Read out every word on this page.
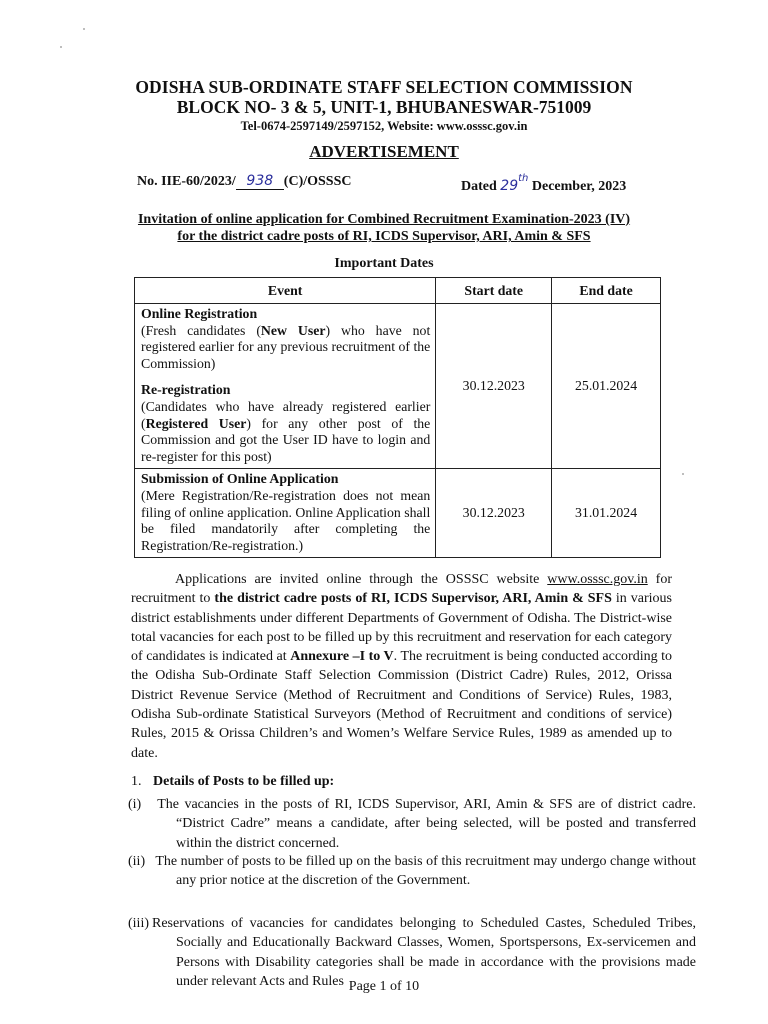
ODISHA SUB-ORDINATE STAFF SELECTION COMMISSION
BLOCK NO- 3 & 5, UNIT-1, BHUBANESWAR-751009
Tel-0674-2597149/2597152, Website: www.osssc.gov.in
ADVERTISEMENT
No. IIE-60/2023/ 938 (C)/OSSSC	Dated 29th December, 2023
Invitation of online application for Combined Recruitment Examination-2023 (IV)
for the district cadre posts of RI, ICDS Supervisor, ARI, Amin & SFS
Important Dates
Event	Start date	End date

Online Registration
(Fresh candidates (New User) who have not registered earlier for any previous recruitment of the Commission)
Re-registration
(Candidates who have already registered earlier (Registered User) for any other post of the Commission and got the User ID have to login and re-register for this post)	30.12.2023	25.01.2024

Submission of Online Application
(Mere Registration/Re-registration does not mean filing of online application. Online Application shall be filed mandatorily after completing the Registration/Re-registration.)	30.12.2023	31.01.2024
Applications are invited online through the OSSSC website www.osssc.gov.in for recruitment to the district cadre posts of RI, ICDS Supervisor, ARI, Amin & SFS in various district establishments under different Departments of Government of Odisha. The District-wise total vacancies for each post to be filled up by this recruitment and reservation for each category of candidates is indicated at Annexure –I to V. The recruitment is being conducted according to the Odisha Sub-Ordinate Staff Selection Commission (District Cadre) Rules, 2012, Orissa District Revenue Service (Method of Recruitment and Conditions of Service) Rules, 1983, Odisha Sub-ordinate Statistical Surveyors (Method of Recruitment and conditions of service) Rules, 2015 & Orissa Children’s and Women’s Welfare Service Rules, 1989 as amended up to date.
1. Details of Posts to be filled up:
(i) The vacancies in the posts of RI, ICDS Supervisor, ARI, Amin & SFS are of district cadre. “District Cadre” means a candidate, after being selected, will be posted and transferred within the district concerned.
(ii) The number of posts to be filled up on the basis of this recruitment may undergo change without any prior notice at the discretion of the Government.
(iii) Reservations of vacancies for candidates belonging to Scheduled Castes, Scheduled Tribes, Socially and Educationally Backward Classes, Women, Sportspersons, Ex-servicemen and Persons with Disability categories shall be made in accordance with the provisions made under relevant Acts and Rules Page 1 of 10
